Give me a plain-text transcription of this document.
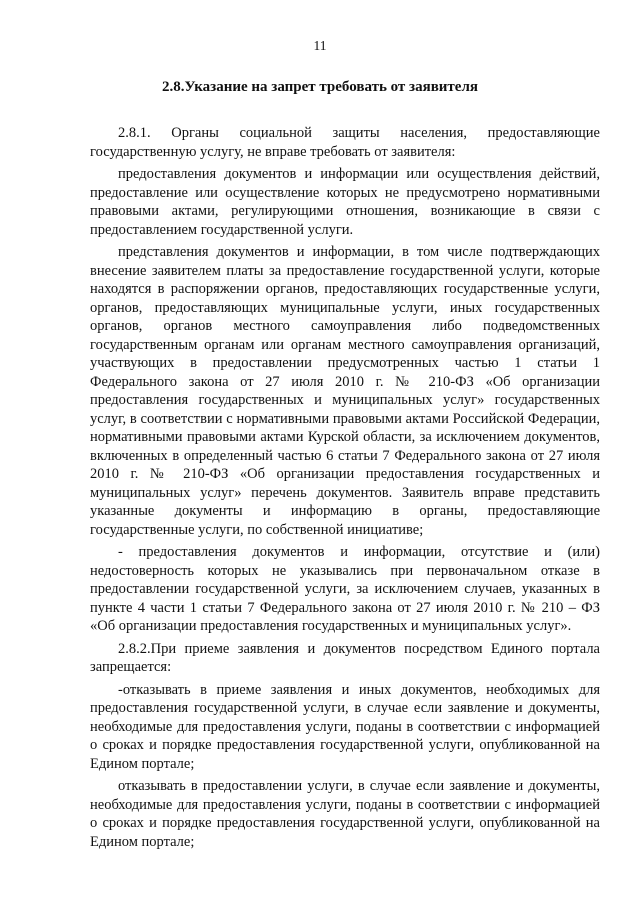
11
2.8.Указание на запрет требовать от заявителя

2.8.1. Органы социальной защиты населения, предоставляющие государственную услугу, не вправе требовать от заявителя:

предоставления документов и информации или осуществления действий, предоставление или осуществление которых не предусмотрено нормативными правовыми актами, регулирующими отношения, возникающие в связи с предоставлением государственной услуги.

представления документов и информации, в том числе подтверждающих внесение заявителем платы за предоставление государственной услуги, которые находятся в распоряжении органов, предоставляющих государственные услуги, органов, предоставляющих муниципальные услуги, иных государственных органов, органов местного самоуправления либо подведомственных государственным органам или органам местного самоуправления организаций, участвующих в предоставлении предусмотренных частью 1 статьи 1 Федерального закона от 27 июля 2010 г. № 210-ФЗ «Об организации предоставления государственных и муниципальных услуг» государственных услуг, в соответствии с нормативными правовыми актами Российской Федерации, нормативными правовыми актами Курской области, за исключением документов, включенных в определенный частью 6 статьи 7 Федерального закона от 27 июля 2010 г. № 210-ФЗ «Об организации предоставления государственных и муниципальных услуг» перечень документов. Заявитель вправе представить указанные документы и информацию в органы, предоставляющие государственные услуги, по собственной инициативе;

- предоставления документов и информации, отсутствие и (или) недостоверность которых не указывались при первоначальном отказе в предоставлении государственной услуги, за исключением случаев, указанных в пункте 4 части 1 статьи 7 Федерального закона от 27 июля 2010 г. № 210 – ФЗ «Об организации предоставления государственных и муниципальных услуг».

2.8.2.При приеме заявления и документов посредством Единого портала запрещается:

-отказывать в приеме заявления и иных документов, необходимых для предоставления государственной услуги, в случае если заявление и документы, необходимые для предоставления услуги, поданы в соответствии с информацией о сроках и порядке предоставления государственной услуги, опубликованной на Едином портале;

отказывать в предоставлении услуги, в случае если заявление и документы, необходимые для предоставления услуги, поданы в соответствии с информацией о сроках и порядке предоставления государственной услуги, опубликованной на Едином портале;
